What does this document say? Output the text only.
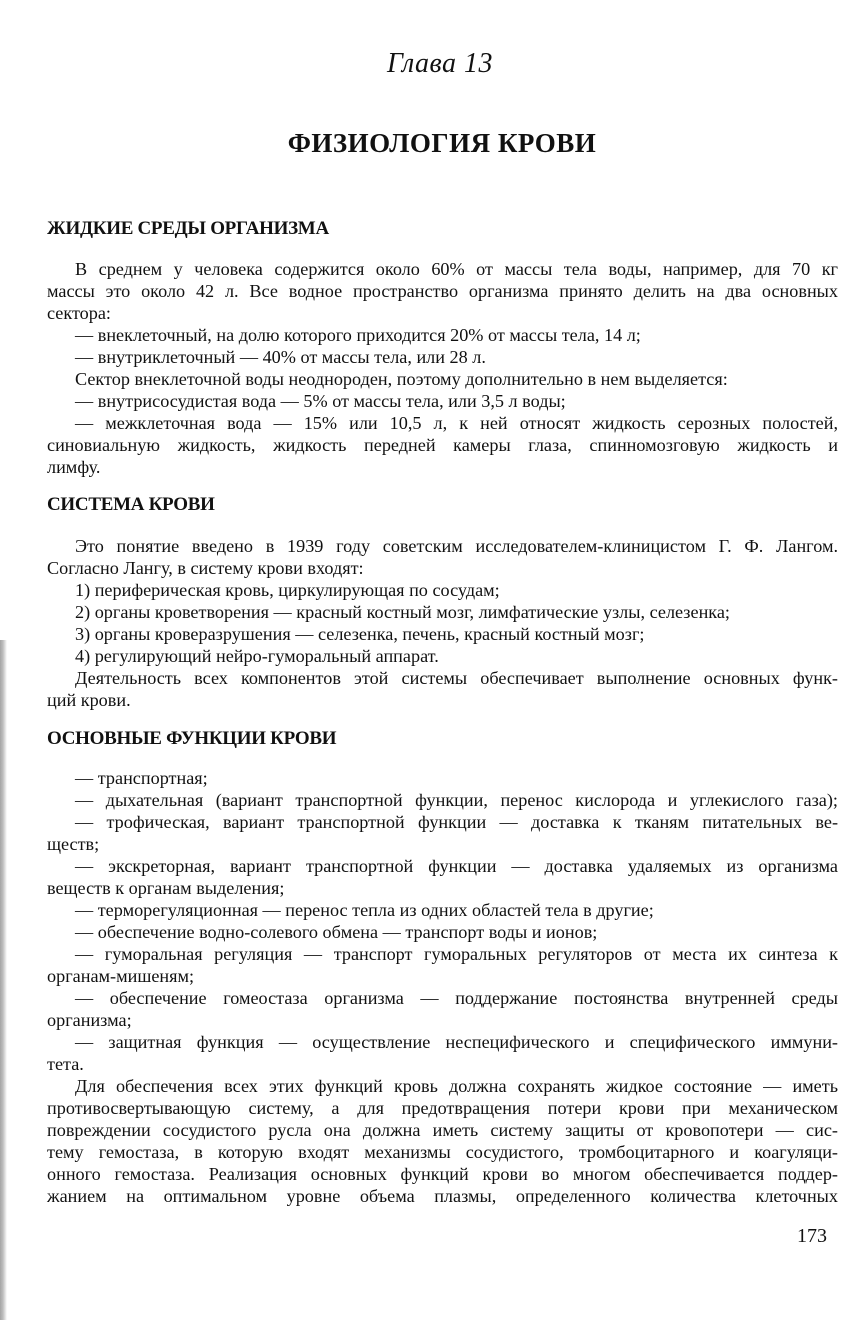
Глава 13
ФИЗИОЛОГИЯ КРОВИ
ЖИДКИЕ СРЕДЫ ОРГАНИЗМА
В среднем у человека содержится около 60% от массы тела воды, например, для 70 кг
массы это около 42 л. Все водное пространство организма принято делить на два основных
сектора:
— внеклеточный, на долю которого приходится 20% от массы тела, 14 л;
— внутриклеточный — 40% от массы тела, или 28 л.
Сектор внеклеточной воды неоднороден, поэтому дополнительно в нем выделяется:
— внутрисосудистая вода — 5% от массы тела, или 3,5 л воды;
— межклеточная вода — 15% или 10,5 л, к ней относят жидкость серозных полостей,
синовиальную жидкость, жидкость передней камеры глаза, спинномозговую жидкость и
лимфу.
СИСТЕМА КРОВИ
Это понятие введено в 1939 году советским исследователем-клиницистом Г. Ф. Лангом.
Согласно Лангу, в систему крови входят:
1) периферическая кровь, циркулирующая по сосудам;
2) органы кроветворения — красный костный мозг, лимфатические узлы, селезенка;
3) органы кроверазрушения — селезенка, печень, красный костный мозг;
4) регулирующий нейро-гуморальный аппарат.
Деятельность всех компонентов этой системы обеспечивает выполнение основных функ-
ций крови.
ОСНОВНЫЕ ФУНКЦИИ КРОВИ
— транспортная;
— дыхательная (вариант транспортной функции, перенос кислорода и углекислого газа);
— трофическая, вариант транспортной функции — доставка к тканям питательных ве-
ществ;
— экскреторная, вариант транспортной функции — доставка удаляемых из организма
веществ к органам выделения;
— терморегуляционная — перенос тепла из одних областей тела в другие;
— обеспечение водно-солевого обмена — транспорт воды и ионов;
— гуморальная регуляция — транспорт гуморальных регуляторов от места их синтеза к
органам-мишеням;
— обеспечение гомеостаза организма — поддержание постоянства внутренней среды
организма;
— защитная функция — осуществление неспецифического и специфического иммуни-
тета.
Для обеспечения всех этих функций кровь должна сохранять жидкое состояние — иметь
противосвертывающую систему, а для предотвращения потери крови при механическом
повреждении сосудистого русла она должна иметь систему защиты от кровопотери — сис-
тему гемостаза, в которую входят механизмы сосудистого, тромбоцитарного и коагуляци-
онного гемостаза. Реализация основных функций крови во многом обеспечивается поддер-
жанием на оптимальном уровне объема плазмы, определенного количества клеточных
173
